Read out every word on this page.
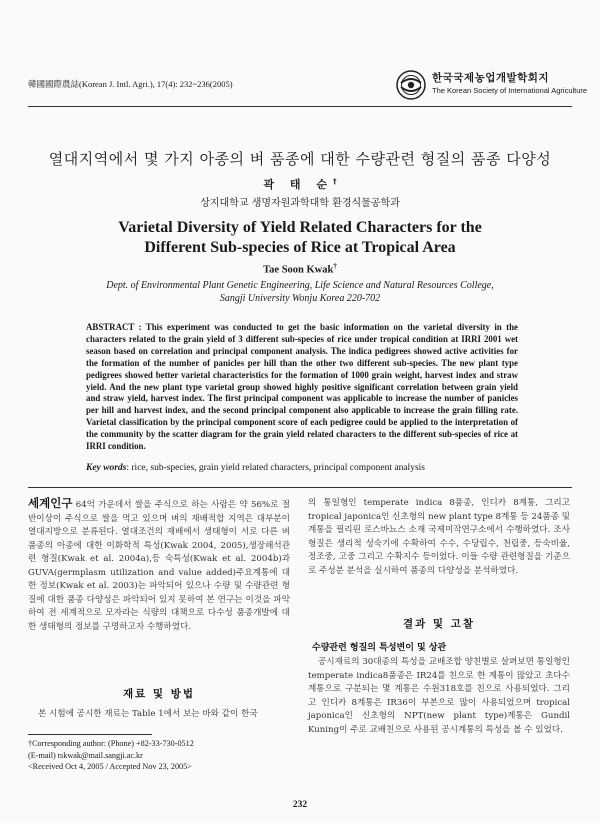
韓國國際農誌(Korean J. Intl. Agri.), 17(4): 232~236(2005)	한국국제농업개발학회지
The Korean Society of International Agriculture
열대지역에서 몇 가지 아종의 벼 품종에 대한 수량관련 형질의 품종 다양성
곽 태 순†
상지대학교 생명자원과학대학 환경식물공학과
Varietal Diversity of Yield Related Characters for the
Different Sub-species of Rice at Tropical Area
Tae Soon Kwak†
Dept. of Environmental Plant Genetic Engineering, Life Science and Natural Resources College,
Sangji University Wonju Korea 220-702
ABSTRACT : This experiment was conducted to get the basic information on the varietal diversity in the characters related to the grain yield of 3 different sub-species of rice under tropical condition at IRRI 2001 wet season based on correlation and principal component analysis. The indica pedigrees showed active activities for the formation of the number of panicles per hill than the other two different sub-species. The new plant type pedigrees showed better varietal characteristics for the formation of 1000 grain weight, harvest index and straw yield. And the new plant type varietal group showed highly positive significant correlation between grain yield and straw yield, harvest index. The first principal component was applicable to increase the number of panicles per hill and harvest index, and the second principal component also applicable to increase the grain filling rate. Varietal classification by the principal component score of each pedigree could be applied to the interpretation of the community by the scatter diagram for the grain yield related characters to the different sub-species of rice at IRRI condition.
Key words: rice, sub-species, grain yield related characters, principal component analysis
세계인구 64억 가운데서 쌀을 주식으로 하는 사람은 약 56%로 절반이상이 주식으로 쌀을 먹고 있으며 벼의 재배적합 지역은 대부분이 열대지방으로 분류된다. 열대조건의 재배에서 생태형이 서로 다른 벼 품종의 아종에 대한 이화학적 특성(Kwak 2004, 2005),생장해석관련 형질(Kwak et al. 2004a),등 숙특성(Kwak et al. 2004b)과 GUVA(germplasm utilization and value added)주요계통에 대한 정보(Kwak et al. 2003)는 파악되어 있으나 수량 및 수량관련 형질에 대한 품종 다양성은 파악되어 있지 못하여 본 연구는 이것을 파악하여 전 세계적으로 모자라는 식량의 대책으로 다수성 품종개발에 대한 생태형의 정보를 구명하고자 수행하였다.
재료 및 방법
본 시험에 공시한 재료는 Table 1에서 보는 바와 같이 한국
†Corresponding author: (Phone) +82-33-730-0512
(E-mail) tskwak@mail.sangji.ac.kr
<Received Oct 4, 2005 / Accepted Nov 23, 2005>
의 통일형인 temperate indica 8품종, 인디카 8계통, 그리고 tropical japonica인 신초형의 new plant type 8계통 등 24품종 및 계통을 필리핀 로스바뇨스 소재 국제미작연구소에서 수행하였다. 조사형질은 생리적 성숙기에 수확하여 수수, 수당립수, 천립중, 등숙비율, 정조중, 고중 그리고 수확지수 등이었다. 이들 수량 관련형질을 기준으로 주성분 분석을 실시하여 품종의 다양성을 분석하였다.
결과 및 고찰
수량관련 형질의 특성변이 및 상관
공시재료의 30대종의 특성을 교배조합 양친별로 살펴보면 통일형인 temperate indica8품종은 IR24를 친으로 한 계통이 많았고 초다수 계통으로 구분되는 몇 계통은 수원318호를 친으로 사용되었다. 그리고 인디카 8계통은 IR36이 부본으로 많이 사용되었으며 tropical japonica인 신초형의 NPT(new plant type)계통은 Gundil Kuning이 주로 교배친으로 사용된 공시계통의 특성을 볼 수 있었다.
232
